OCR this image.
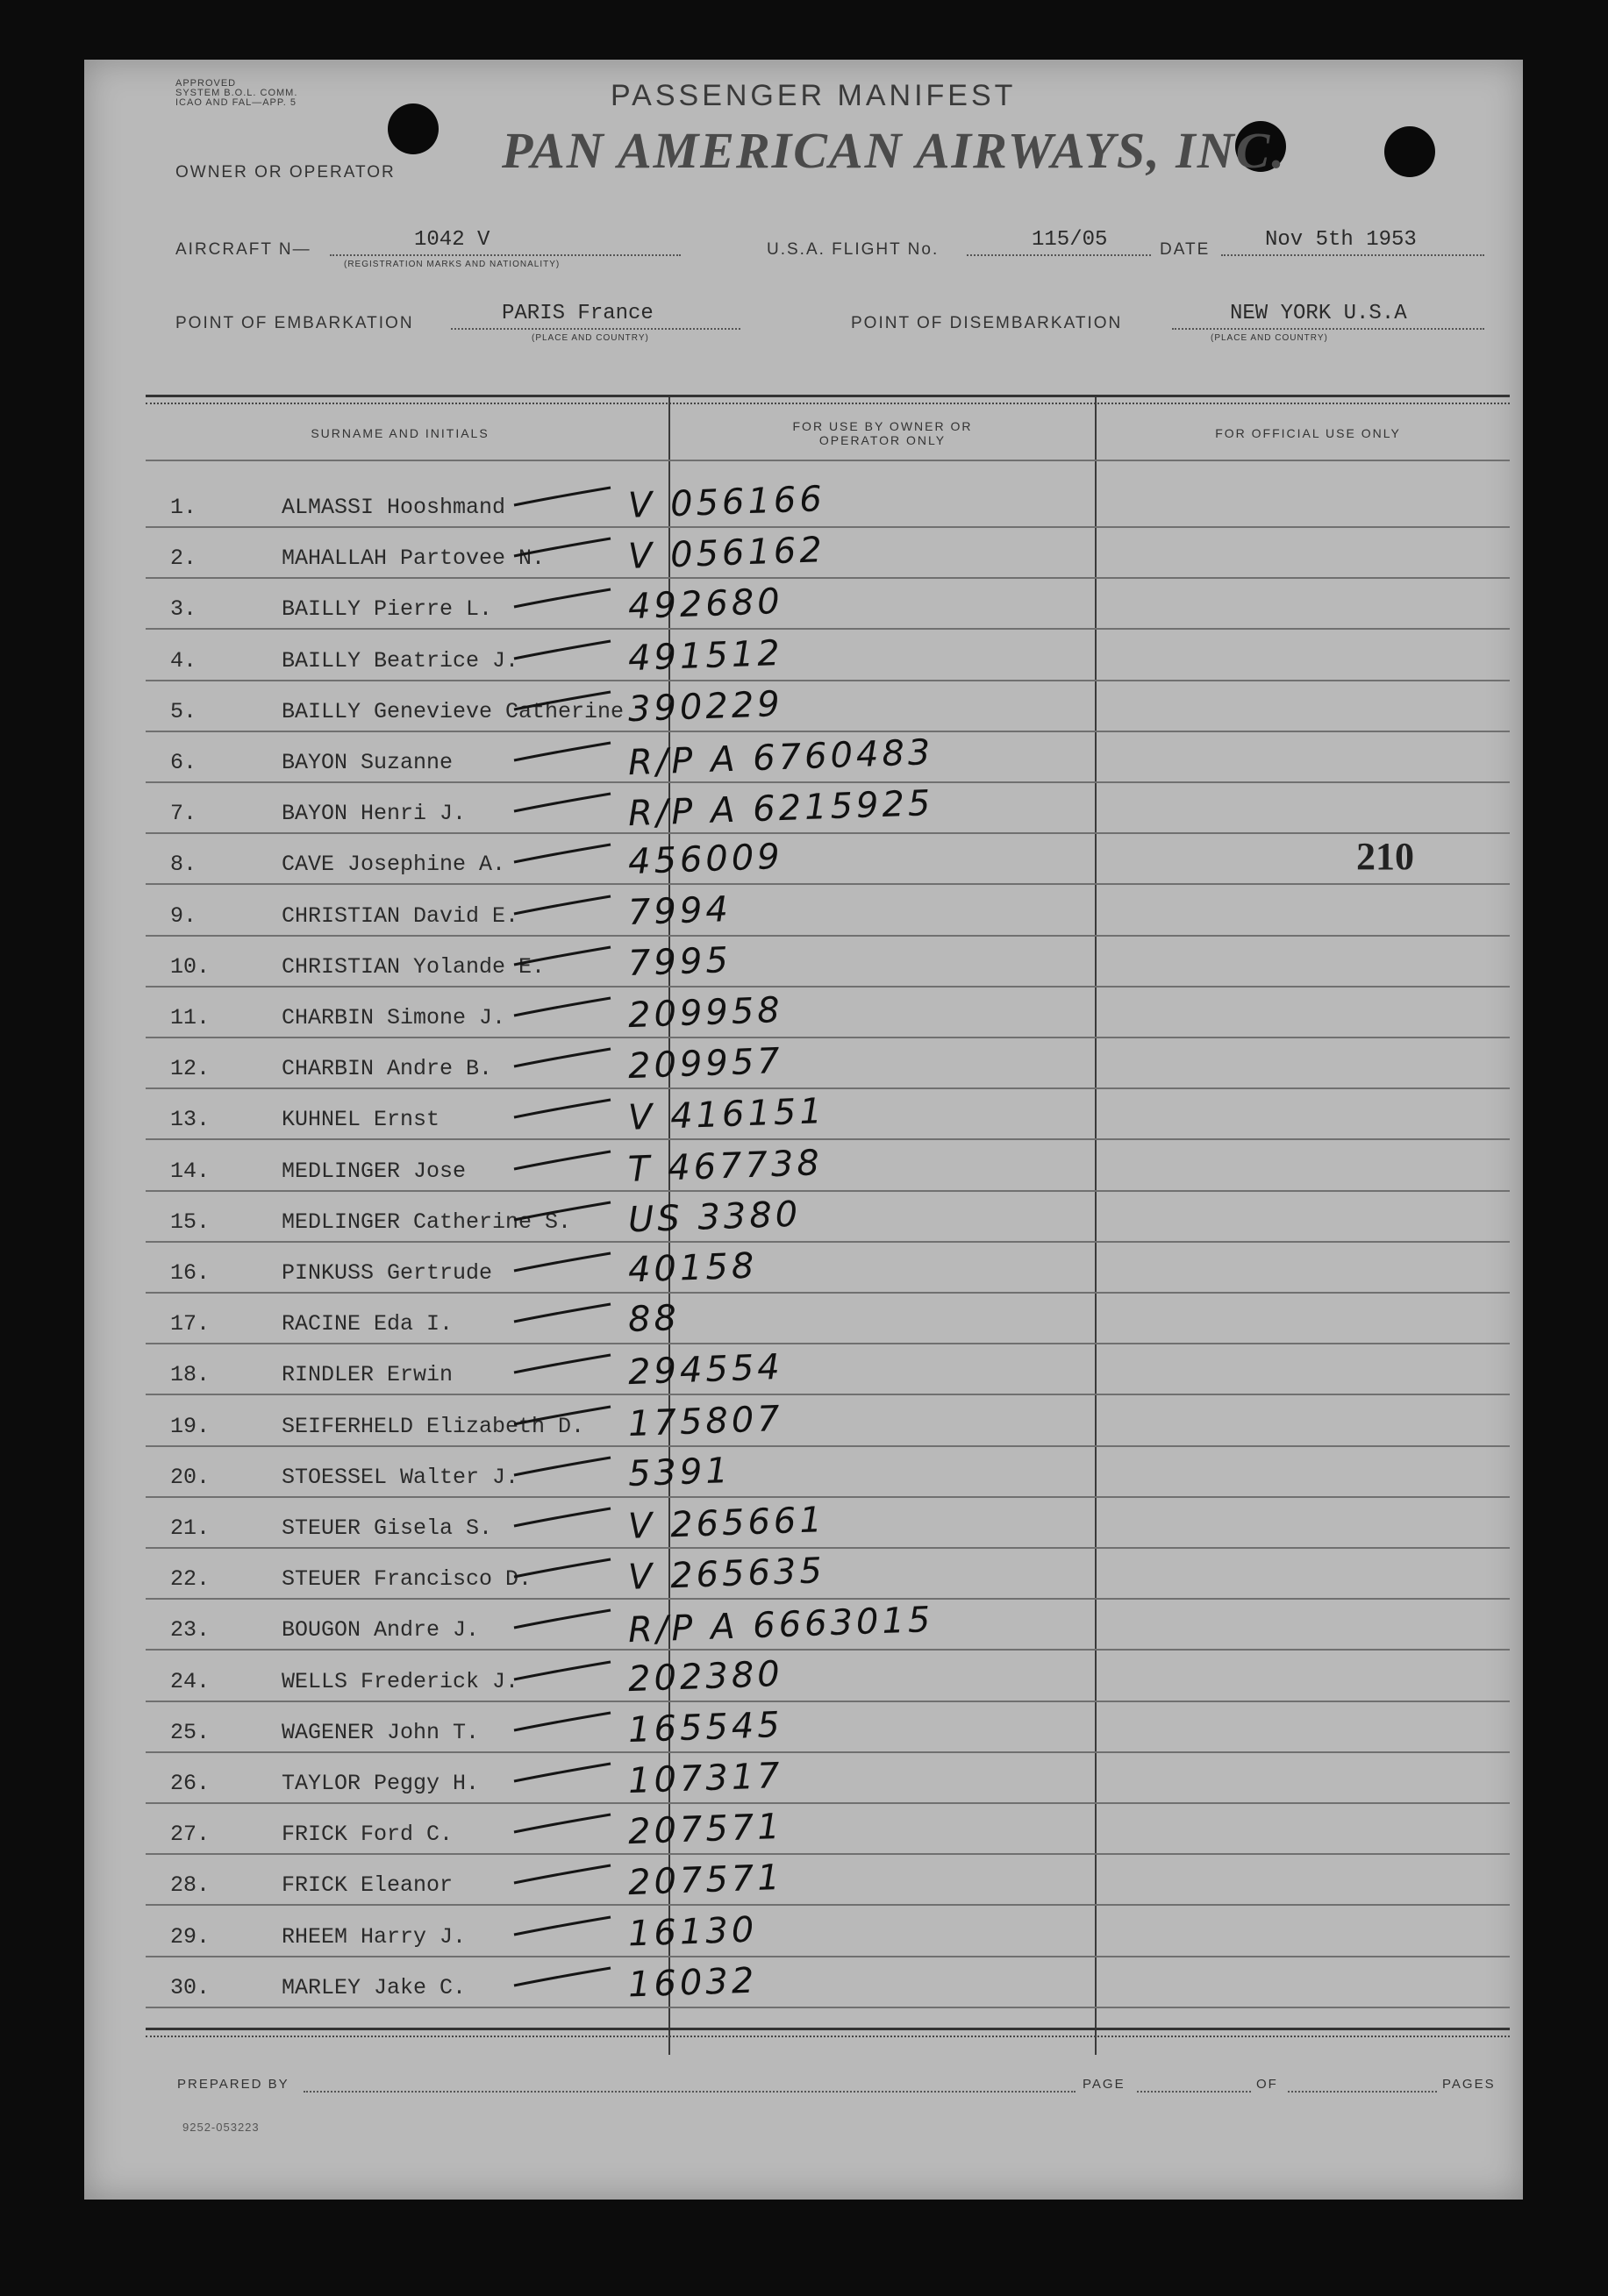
APPROVED
SYSTEM B.O.L. COMM.
ICAO AND FAL—APP. 5	PASSENGER MANIFEST
PAN AMERICAN AIRWAYS, INC.
OWNER OR OPERATOR
AIRCRAFT N—	1042 V
(REGISTRATION MARKS AND NATIONALITY)
U.S.A. FLIGHT No.	115/05	DATE	Nov 5th 1953
POINT OF EMBARKATION	PARIS France
(PLACE AND COUNTRY)
POINT OF DISEMBARKATION	NEW YORK U.S.A
(PLACE AND COUNTRY)
SURNAME AND INITIALS	FOR USE BY OWNER OR OPERATOR ONLY	FOR OFFICIAL USE ONLY
1.	ALMASSI Hooshmand	V 056166
2.	MAHALLAH Partovee N. V 056162
3.	BAILLY Pierre L.	492680
4.	BAILLY Beatrice J.	491512
5.	BAILLY Genevieve Catherine 390229
6.	BAYON Suzanne	R/P A 6760483
7.	BAYON Henri J.	R/P A 6215925
8.	CAVE Josephine A.	456009	210
9.	CHRISTIAN David E.	7994
10.	CHRISTIAN Yolande E. 7995
11.	CHARBIN Simone J.	209958
12.	CHARBIN Andre B.	209957
13.	KUHNEL Ernst	V 416151
14.	MEDLINGER Jose	T 467738
15.	MEDLINGER Catherine S. US 3380
16.	PINKUSS Gertrude	40158
17.	RACINE Eda I.	88
18.	RINDLER Erwin	294554
19.	SEIFERHELD Elizabeth D. 175807
20.	STOESSEL Walter J.	5391
21.	STEUER Gisela S.	V 265661
22.	STEUER Francisco D.	V 265635
23.	BOUGON Andre J.	R/P A 6663015
24.	WELLS Frederick J.	202380
25.	WAGENER John T.	165545
26.	TAYLOR Peggy H.	107317
27.	FRICK Ford C.	207571
28.	FRICK Eleanor	207571
29.	RHEEM Harry J.	16130
30.	MARLEY Jake C.	16032
PREPARED BY	PAGE	OF	PAGES
9252-053223
